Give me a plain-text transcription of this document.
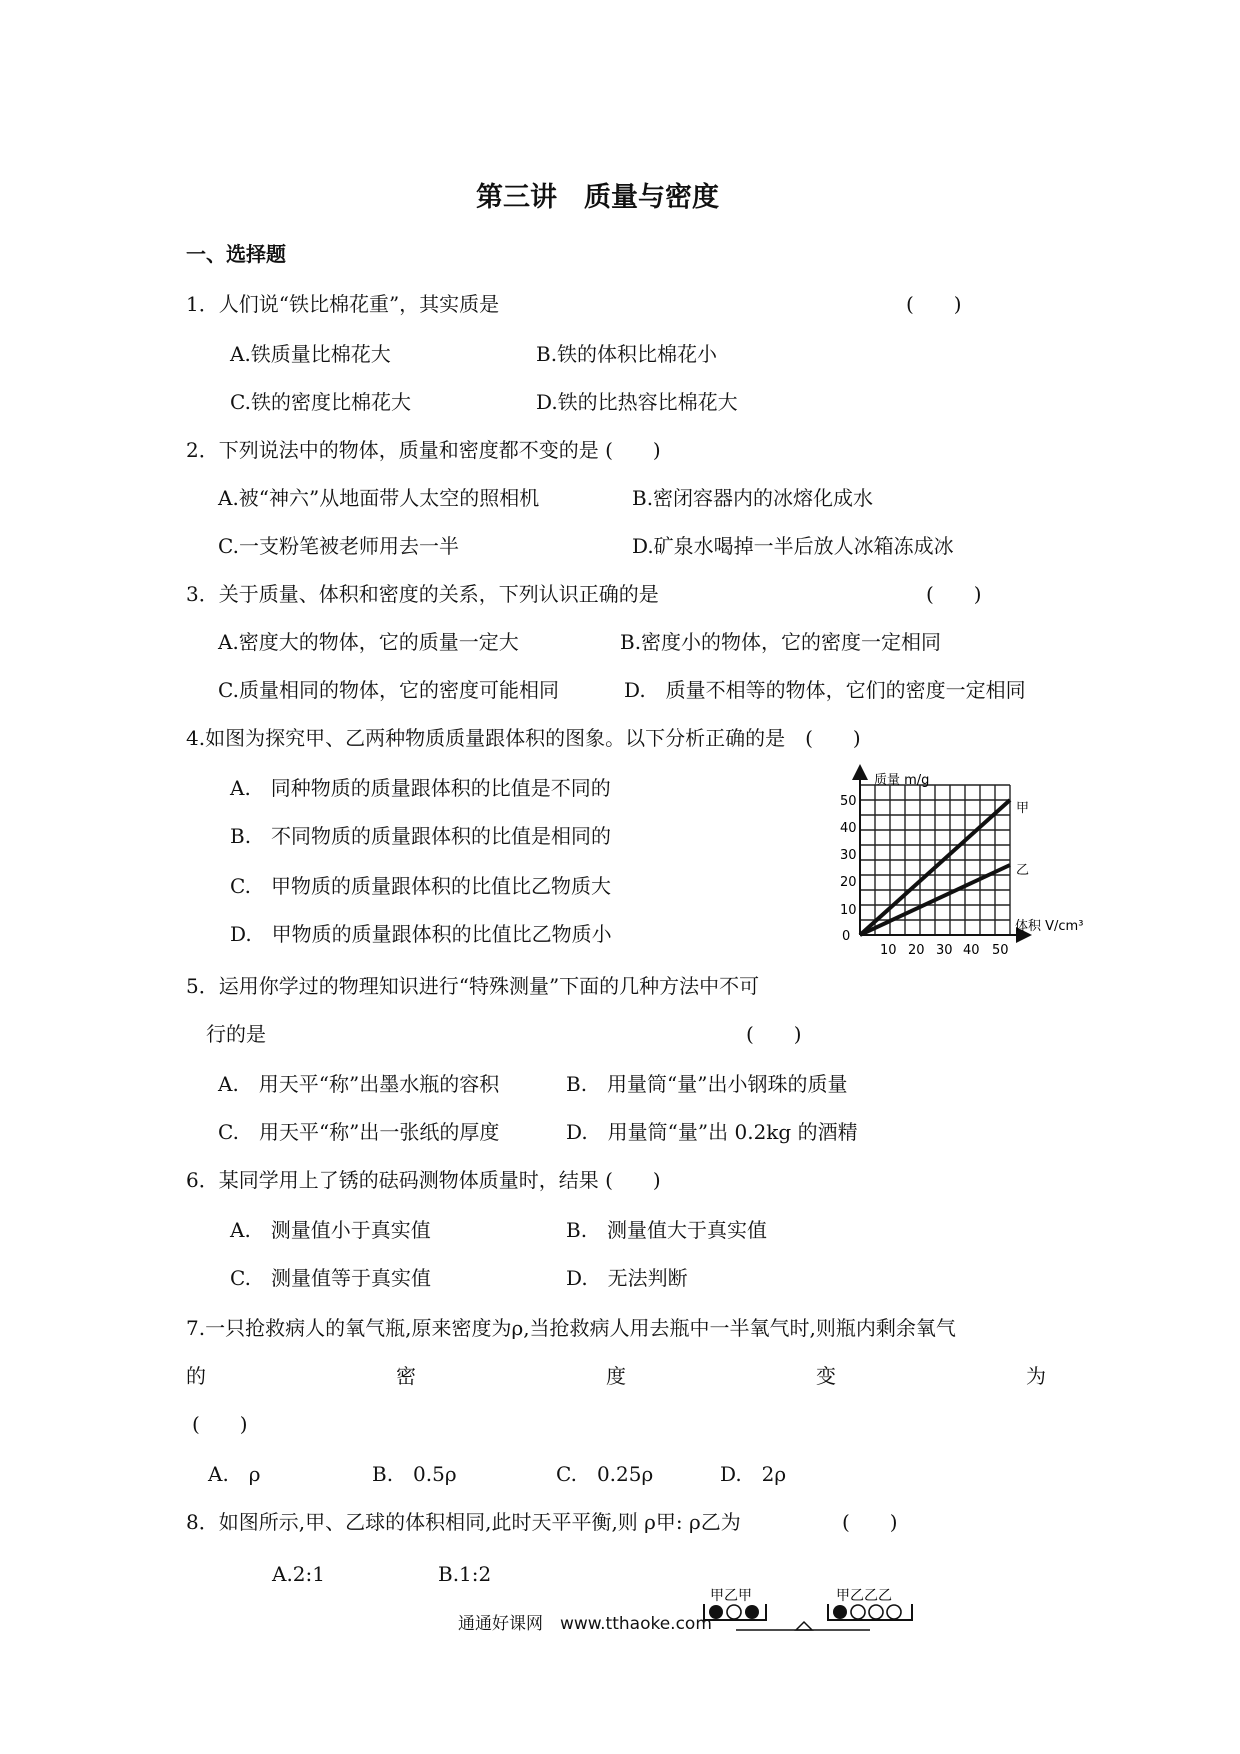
第三讲　质量与密度
一、选择题
1．人们说“铁比棉花重”，其实质是	(　　)
A.铁质量比棉花大	B.铁的体积比棉花小
C.铁的密度比棉花大	D.铁的比热容比棉花大
2．下列说法中的物体，质量和密度都不变的是 (　　)
A.被“神六”从地面带人太空的照相机	B.密闭容器内的冰熔化成水
C.一支粉笔被老师用去一半	D.矿泉水喝掉一半后放人冰箱冻成冰
3．关于质量、体积和密度的关系，下列认识正确的是	(　　)
A.密度大的物体，它的质量一定大	B.密度小的物体，它的密度一定相同
C.质量相同的物体，它的密度可能相同	D.　质量不相等的物体，它们的密度一定相同
4.如图为探究甲、乙两种物质质量跟体积的图象。以下分析正确的是　(　　)
A.　同种物质的质量跟体积的比值是不同的
B.　不同物质的质量跟体积的比值是相同的
C.　甲物质的质量跟体积的比值比乙物质大
D.　甲物质的质量跟体积的比值比乙物质小
质量 m/g
体积 V/cm³
0
10
20
30
40
50
10 20 30 40 50
甲
乙
5．运用你学过的物理知识进行“特殊测量”下面的几种方法中不可
行的是	(　　)
A.　用天平“称”出墨水瓶的容积	B.　用量筒“量”出小钢珠的质量
C.　用天平“称”出一张纸的厚度	D.　用量筒“量”出 0.2kg 的酒精
6．某同学用上了锈的砝码测物体质量时，结果 (　　)
A.　测量值小于真实值	B.　测量值大于真实值
C.　测量值等于真实值	D.　无法判断
7.一只抢救病人的氧气瓶,原来密度为ρ,当抢救病人用去瓶中一半氧气时,则瓶内剩余氧气
的	密	度	变	为
(　　)
A.　ρ	B.　0.5ρ	C.　0.25ρ	D.　2ρ
8．如图所示,甲、乙球的体积相同,此时天平平衡,则 ρ甲: ρ乙为	(　　)
A.2:1	B.1:2
甲乙甲	甲乙乙乙
通通好课网　www.tthaoke.com
